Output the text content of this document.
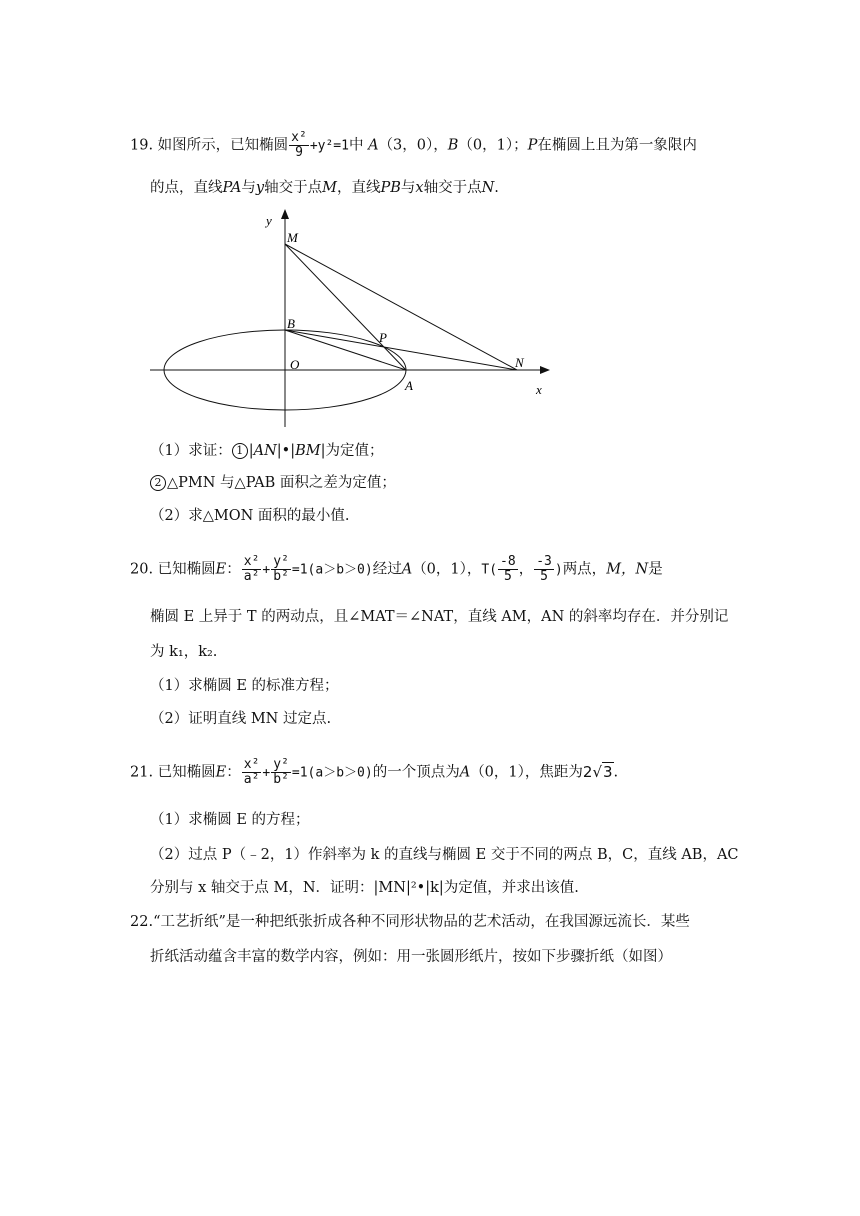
19. 如图所示，已知椭圆 $\frac{\text{x²}}{9} +y^2=1$中 A（3，0），B（0，1）；P在椭圆上且为第一象限内
的点，直线PA与y轴交于点M，直线PB与x轴交于点N.
y
M
B
P
O	N
A	x
（1）求证： 1 |AN|•|BM|为定值；
2 △PMN 与△PAB 面积之差为定值；
（2）求△MON 面积的最小值.
20. 已知椭圆E： $\frac{\text{x²}}{\text{a²}} + \frac{\text{y²}}{\text{b²}} =1(a>b>0)$经过A（0，1），$T( \frac{-8}{5}$ ， $\frac{-3}{5}$ )两点，M，N是
椭圆 E 上异于 T 的两动点，且∠MAT＝∠NAT，直线 AM，AN 的斜率均存在．并分别记
为 k₁，k₂.
（1）求椭圆 E 的标准方程；
（2）证明直线 MN 过定点.
21. 已知椭圆E： $\frac{\text{x²}}{\text{a²}} + \frac{\text{y²}}{\text{b²}} =1(a>b>0)$的一个顶点为A（0，1），焦距为2√3.
（1）求椭圆 E 的方程；
（2）过点 P（﹣2，1）作斜率为 k 的直线与椭圆 E 交于不同的两点 B，C，直线 AB，AC
分别与 x 轴交于点 M，N．证明：|MN|²•|k|为定值，并求出该值.
22.“工艺折纸”是一种把纸张折成各种不同形状物品的艺术活动，在我国源远流长．某些
折纸活动蕴含丰富的数学内容，例如：用一张圆形纸片，按如下步骤折纸（如图）
